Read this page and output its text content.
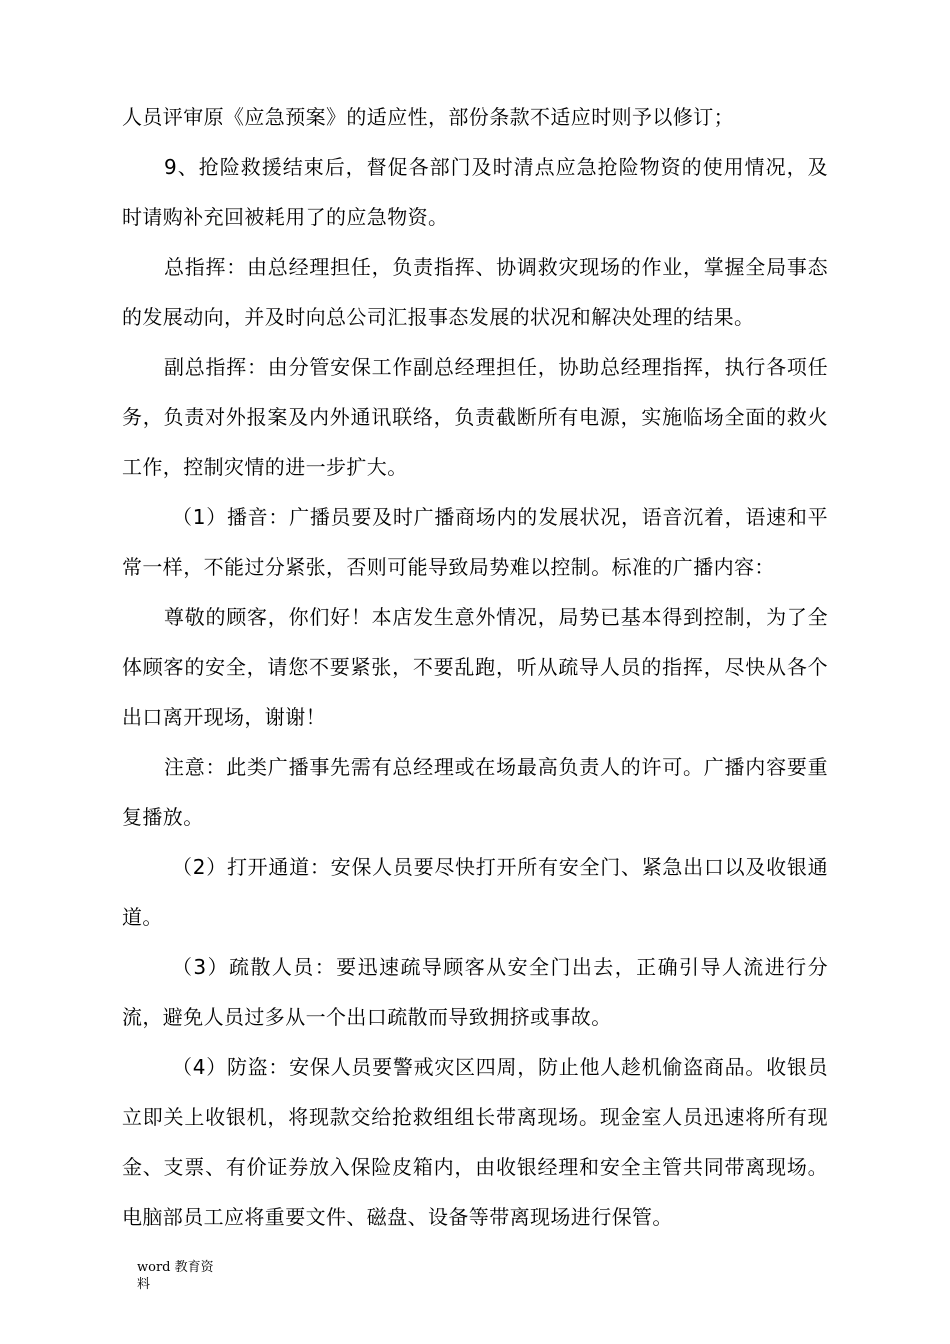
人员评审原《应急预案》的适应性，部份条款不适应时则予以修订；

9、抢险救援结束后，督促各部门及时清点应急抢险物资的使用情况，及时请购补充回被耗用了的应急物资。

总指挥：由总经理担任，负责指挥、协调救灾现场的作业，掌握全局事态的发展动向，并及时向总公司汇报事态发展的状况和解决处理的结果。

副总指挥：由分管安保工作副总经理担任，协助总经理指挥，执行各项任务，负责对外报案及内外通讯联络，负责截断所有电源，实施临场全面的救火工作，控制灾情的进一步扩大。

（1）播音：广播员要及时广播商场内的发展状况，语音沉着，语速和平常一样，不能过分紧张，否则可能导致局势难以控制。标准的广播内容：

尊敬的顾客，你们好！本店发生意外情况，局势已基本得到控制，为了全体顾客的安全，请您不要紧张，不要乱跑，听从疏导人员的指挥，尽快从各个出口离开现场，谢谢！

注意：此类广播事先需有总经理或在场最高负责人的许可。广播内容要重复播放。

（2）打开通道：安保人员要尽快打开所有安全门、紧急出口以及收银通道。

（3）疏散人员：要迅速疏导顾客从安全门出去，正确引导人流进行分流，避免人员过多从一个出口疏散而导致拥挤或事故。

（4）防盗：安保人员要警戒灾区四周，防止他人趁机偷盗商品。收银员立即关上收银机，将现款交给抢救组组长带离现场。现金室人员迅速将所有现金、支票、有价证券放入保险皮箱内，由收银经理和安全主管共同带离现场。电脑部员工应将重要文件、磁盘、设备等带离现场进行保管。

word 教育资
料
